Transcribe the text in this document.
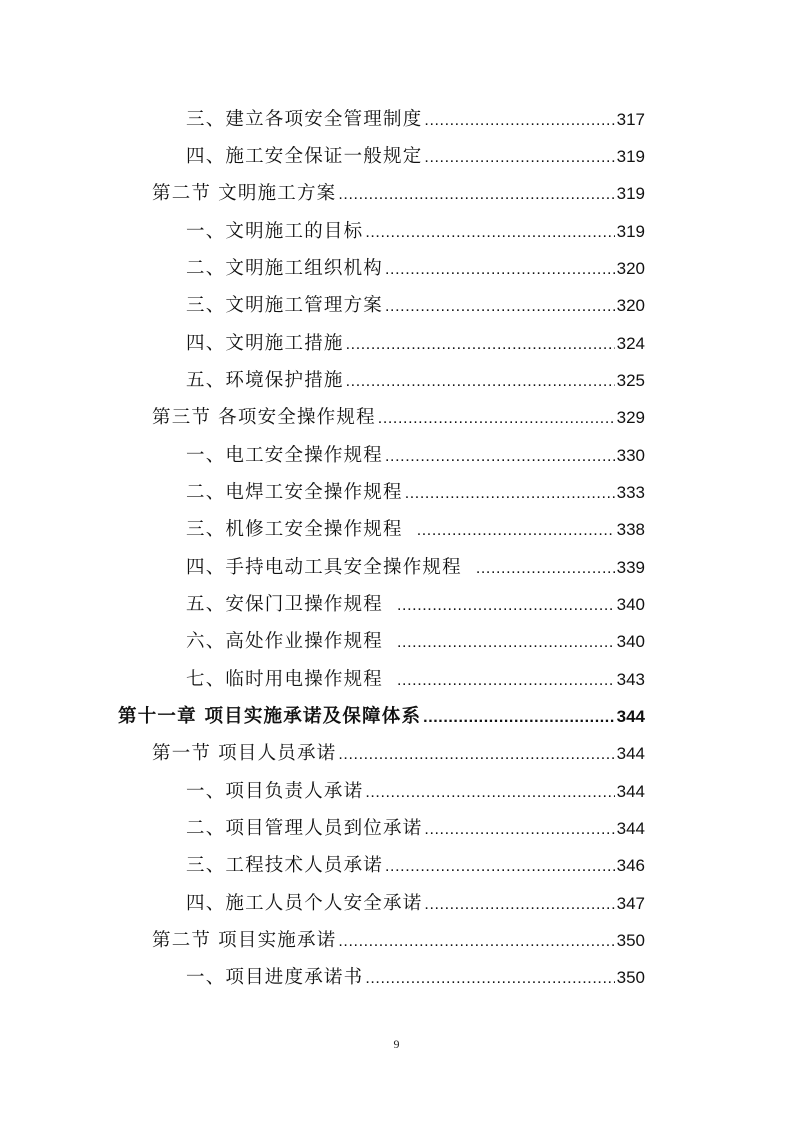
三、建立各项安全管理制度 .....	317
四、施工安全保证一般规定 .....	319
第二节 文明施工方案 .....	319
一、文明施工的目标 .....	319
二、文明施工组织机构 .....	320
三、文明施工管理方案 .....	320
四、文明施工措施 .....	324
五、环境保护措施 .....	325
第三节 各项安全操作规程 .....	329
一、电工安全操作规程 .....	330
二、电焊工安全操作规程 .....	333
三、机修工安全操作规程 .....	338
四、手持电动工具安全操作规程 .....	339
五、安保门卫操作规程 .....	340
六、高处作业操作规程 .....	340
七、临时用电操作规程 .....	343
第十一章 项目实施承诺及保障体系 .....	344
第一节 项目人员承诺 .....	344
一、项目负责人承诺 .....	344
二、项目管理人员到位承诺 .....	344
三、工程技术人员承诺 .....	346
四、施工人员个人安全承诺 .....	347
第二节 项目实施承诺 .....	350
一、项目进度承诺书 .....	350
9
